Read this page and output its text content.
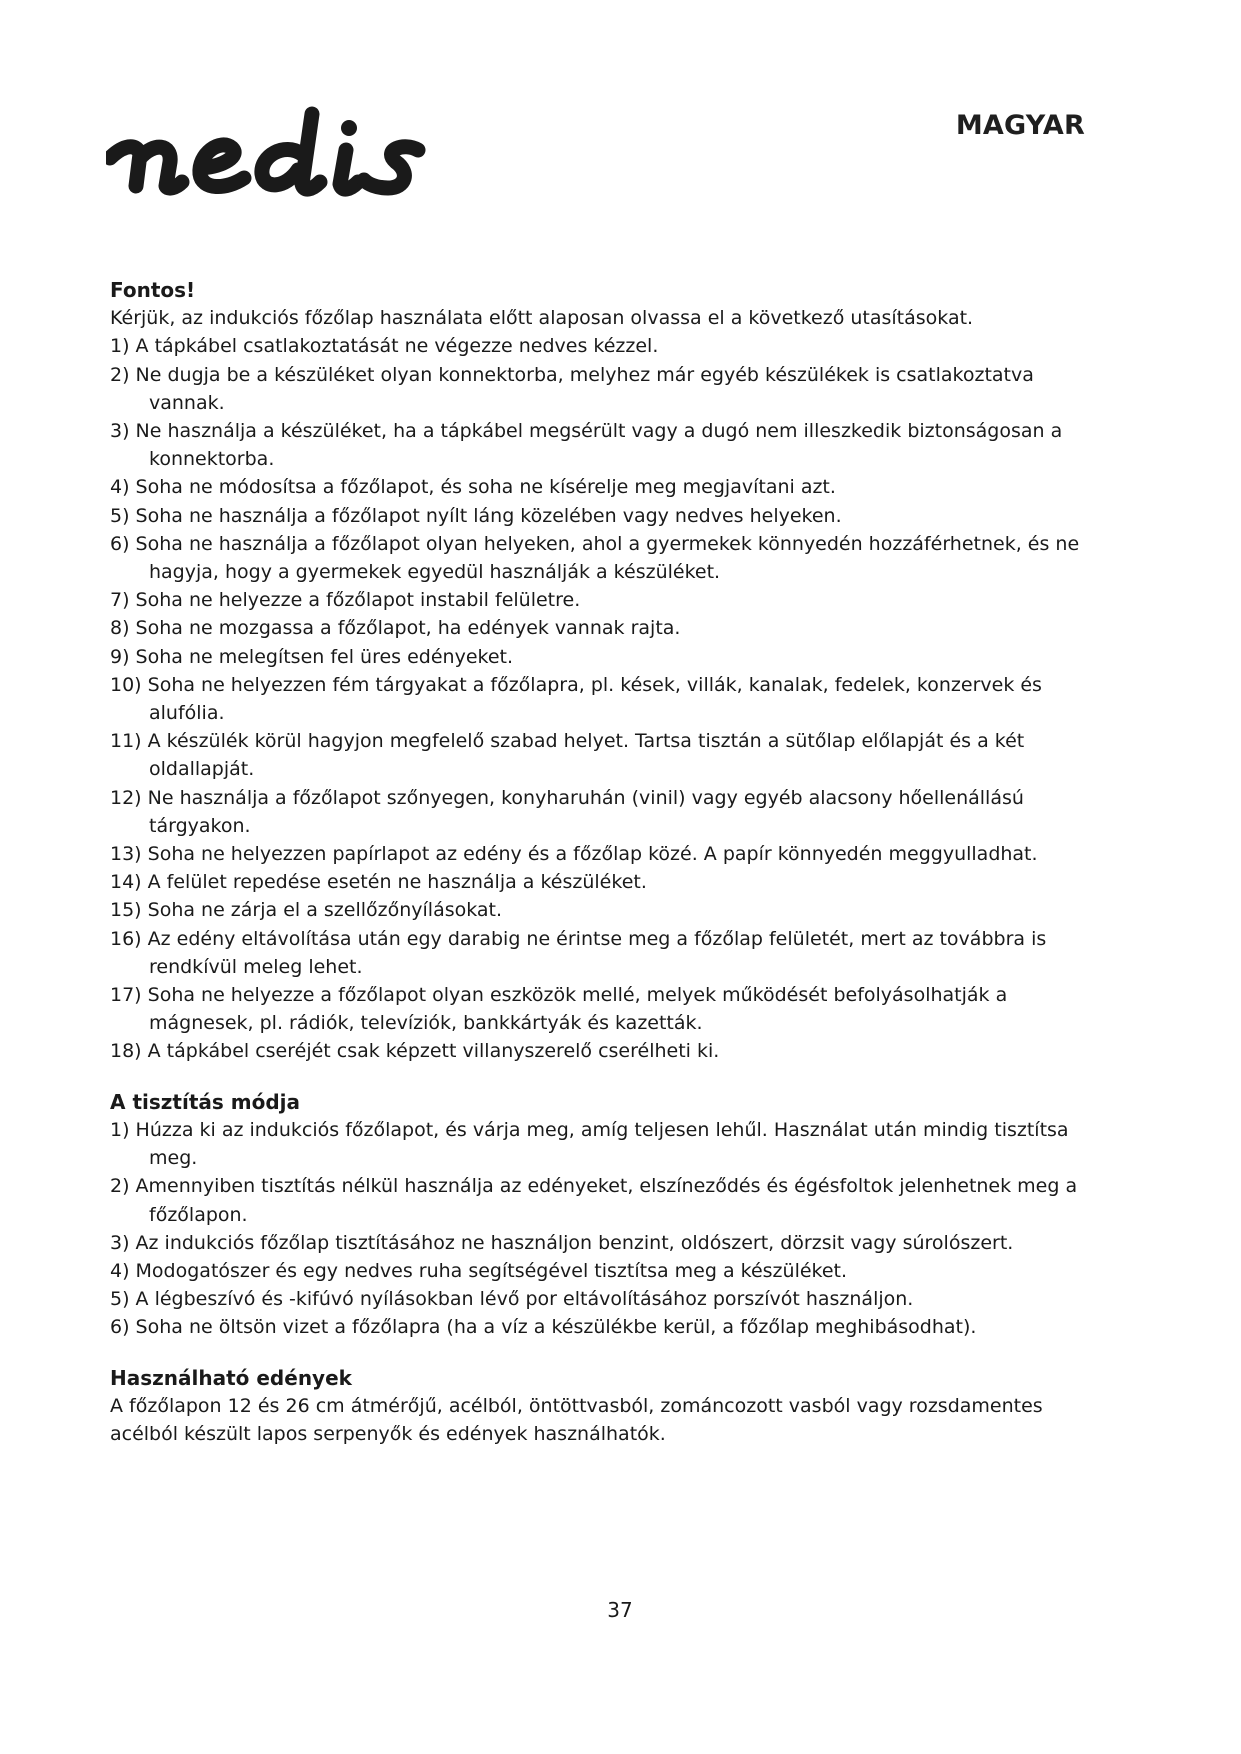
nedis
MAGYAR
Fontos!
Kérjük, az indukciós főzőlap használata előtt alaposan olvassa el a következő utasításokat.
1) A tápkábel csatlakoztatását ne végezze nedves kézzel.
2) Ne dugja be a készüléket olyan konnektorba, melyhez már egyéb készülékek is csatlakoztatva vannak.
3) Ne használja a készüléket, ha a tápkábel megsérült vagy a dugó nem illeszkedik biztonságosan a konnektorba.
4) Soha ne módosítsa a főzőlapot, és soha ne kísérelje meg megjavítani azt.
5) Soha ne használja a főzőlapot nyílt láng közelében vagy nedves helyeken.
6) Soha ne használja a főzőlapot olyan helyeken, ahol a gyermekek könnyedén hozzáférhetnek, és ne hagyja, hogy a gyermekek egyedül használják a készüléket.
7) Soha ne helyezze a főzőlapot instabil felületre.
8) Soha ne mozgassa a főzőlapot, ha edények vannak rajta.
9) Soha ne melegítsen fel üres edényeket.
10) Soha ne helyezzen fém tárgyakat a főzőlapra, pl. kések, villák, kanalak, fedelek, konzervek és alufólia.
11) A készülék körül hagyjon megfelelő szabad helyet. Tartsa tisztán a sütőlap előlapját és a két oldallapját.
12) Ne használja a főzőlapot szőnyegen, konyharuhán (vinil) vagy egyéb alacsony hőellenállású tárgyakon.
13) Soha ne helyezzen papírlapot az edény és a főzőlap közé. A papír könnyedén meggyulladhat.
14) A felület repedése esetén ne használja a készüléket.
15) Soha ne zárja el a szellőzőnyílásokat.
16) Az edény eltávolítása után egy darabig ne érintse meg a főzőlap felületét, mert az továbbra is rendkívül meleg lehet.
17) Soha ne helyezze a főzőlapot olyan eszközök mellé, melyek működését befolyásolhatják a mágnesek, pl. rádiók, televíziók, bankkártyák és kazetták.
18) A tápkábel cseréjét csak képzett villanyszerelő cserélheti ki.
A tisztítás módja
1) Húzza ki az indukciós főzőlapot, és várja meg, amíg teljesen lehűl. Használat után mindig tisztítsa meg.
2) Amennyiben tisztítás nélkül használja az edényeket, elszíneződés és égésfoltok jelenhetnek meg a főzőlapon.
3) Az indukciós főzőlap tisztításához ne használjon benzint, oldószert, dörzsit vagy súrolószert.
4) Modogatószer és egy nedves ruha segítségével tisztítsa meg a készüléket.
5) A légbeszívó és -kifúvó nyílásokban lévő por eltávolításához porszívót használjon.
6) Soha ne öltsön vizet a főzőlapra (ha a víz a készülékbe kerül, a főzőlap meghibásodhat).
Használható edények
A főzőlapon 12 és 26 cm átmérőjű, acélból, öntöttvasból, zománcozott vasból vagy rozsdamentes acélból készült lapos serpenyők és edények használhatók.
37
